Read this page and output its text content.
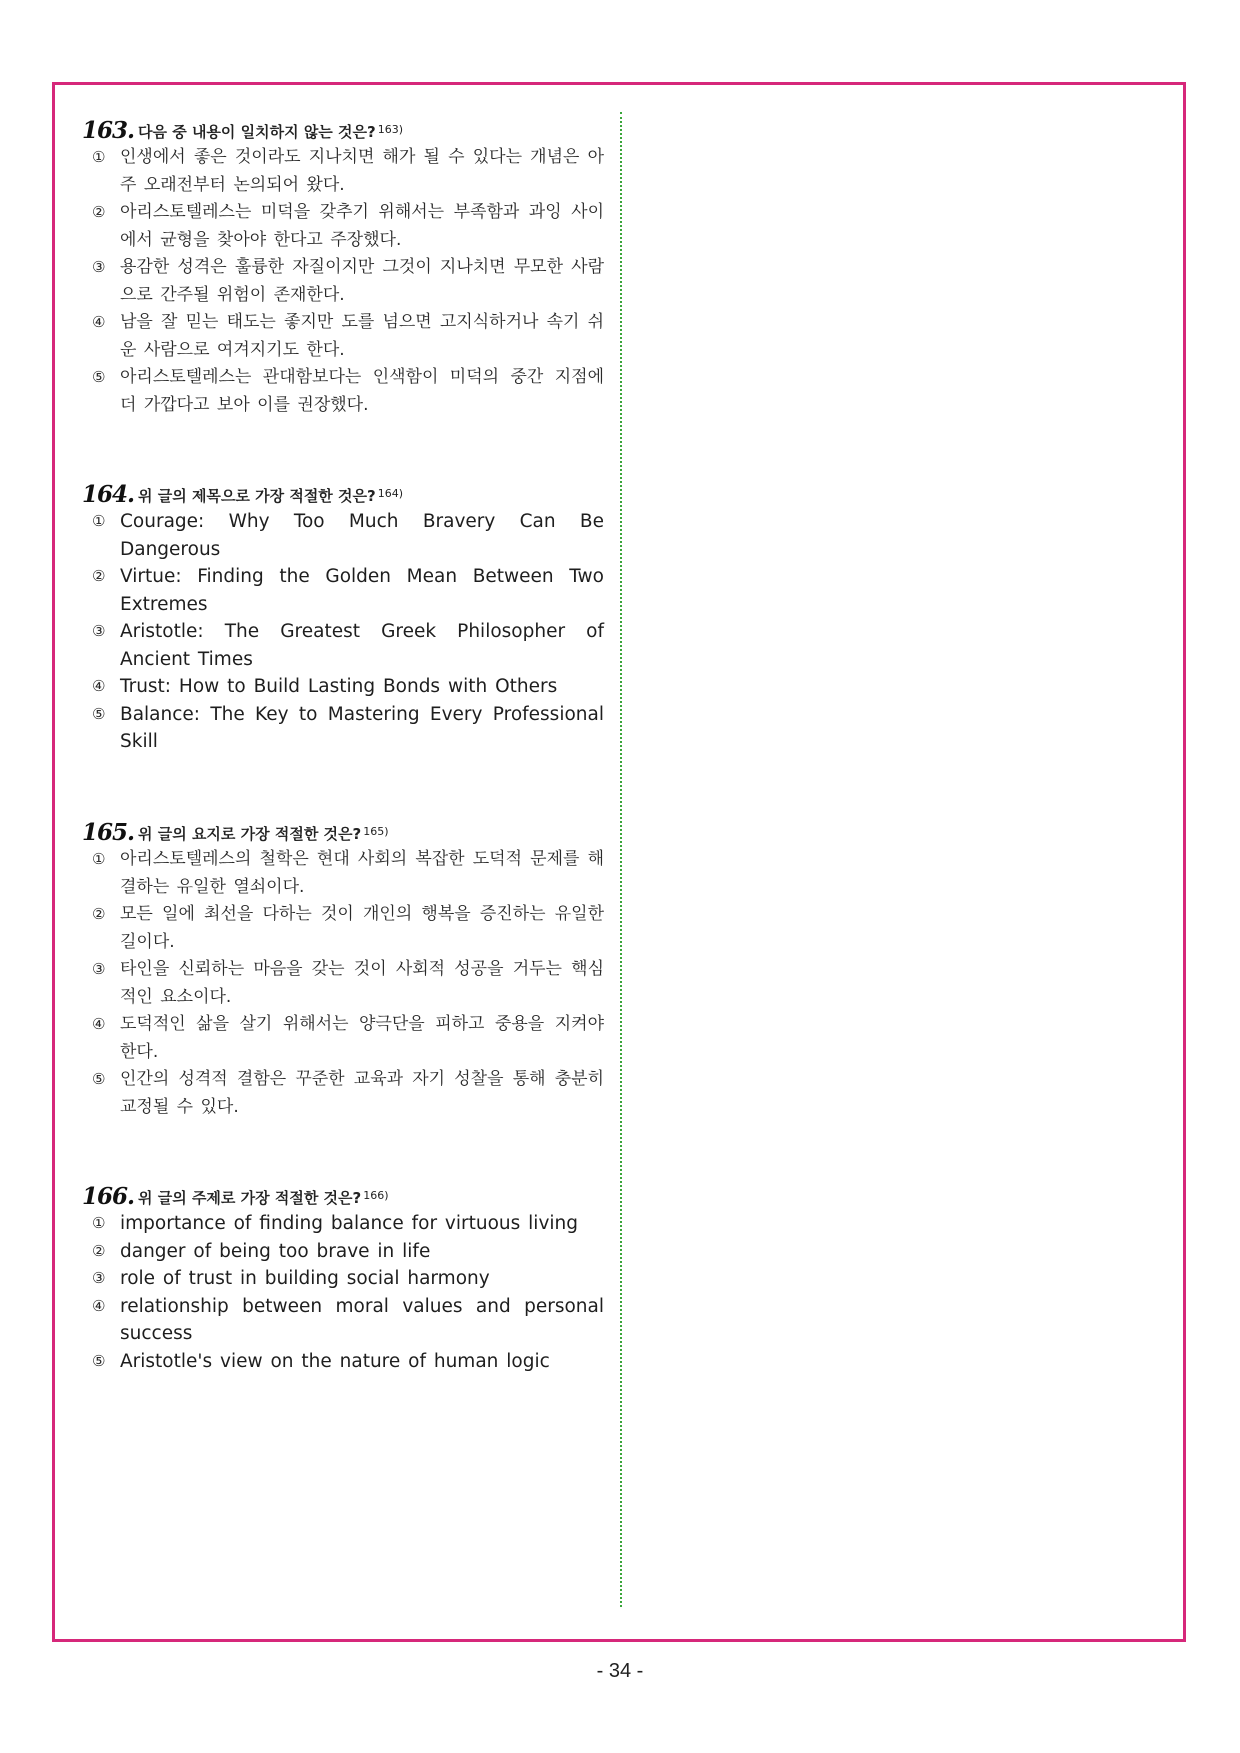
163. 다음 중 내용이 일치하지 않는 것은? 163)
① 인생에서 좋은 것이라도 지나치면 해가 될 수 있다는 개념은 아주 오래전부터 논의되어 왔다.
② 아리스토텔레스는 미덕을 갖추기 위해서는 부족함과 과잉 사이에서 균형을 찾아야 한다고 주장했다.
③ 용감한 성격은 훌륭한 자질이지만 그것이 지나치면 무모한 사람으로 간주될 위험이 존재한다.
④ 남을 잘 믿는 태도는 좋지만 도를 넘으면 고지식하거나 속기 쉬운 사람으로 여겨지기도 한다.
⑤ 아리스토텔레스는 관대함보다는 인색함이 미덕의 중간 지점에 더 가깝다고 보아 이를 권장했다.
164. 위 글의 제목으로 가장 적절한 것은? 164)
① Courage: Why Too Much Bravery Can Be Dangerous
② Virtue: Finding the Golden Mean Between Two Extremes
③ Aristotle: The Greatest Greek Philosopher of Ancient Times
④ Trust: How to Build Lasting Bonds with Others
⑤ Balance: The Key to Mastering Every Professional Skill
165. 위 글의 요지로 가장 적절한 것은? 165)
① 아리스토텔레스의 철학은 현대 사회의 복잡한 도덕적 문제를 해결하는 유일한 열쇠이다.
② 모든 일에 최선을 다하는 것이 개인의 행복을 증진하는 유일한 길이다.
③ 타인을 신뢰하는 마음을 갖는 것이 사회적 성공을 거두는 핵심적인 요소이다.
④ 도덕적인 삶을 살기 위해서는 양극단을 피하고 중용을 지켜야 한다.
⑤ 인간의 성격적 결함은 꾸준한 교육과 자기 성찰을 통해 충분히 교정될 수 있다.
166. 위 글의 주제로 가장 적절한 것은? 166)
① importance of finding balance for virtuous living
② danger of being too brave in life
③ role of trust in building social harmony
④ relationship between moral values and personal success
⑤ Aristotle's view on the nature of human logic
- 34 -
